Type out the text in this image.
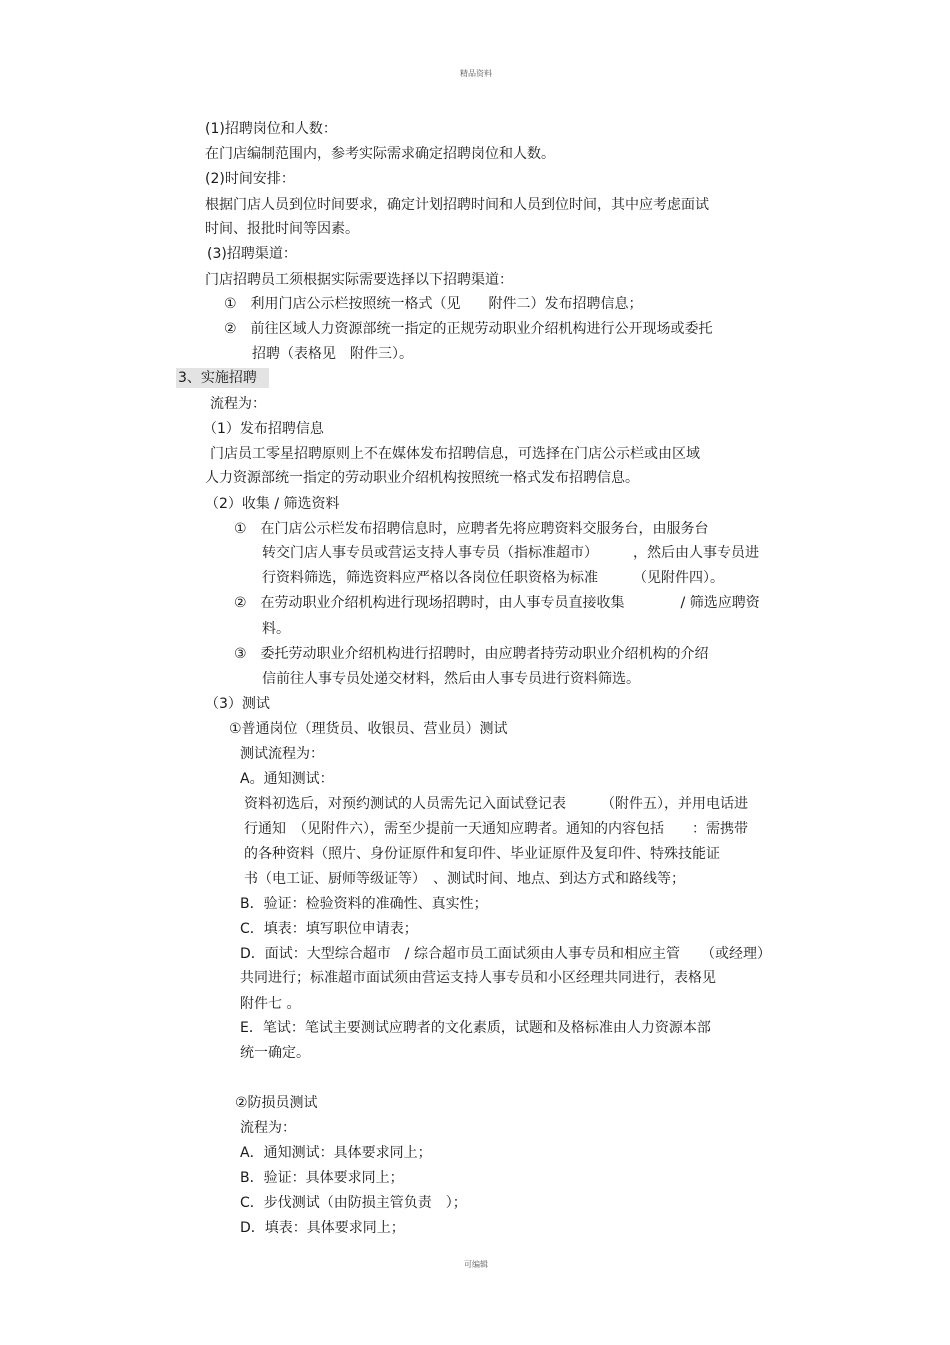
精品资料
(1)招聘岗位和人数：
在门店编制范围内，参考实际需求确定招聘岗位和人数。
(2)时间安排：
根据门店人员到位时间要求，确定计划招聘时间和人员到位时间，其中应考虑面试
时间、报批时间等因素。
(3)招聘渠道：
门店招聘员工须根据实际需要选择以下招聘渠道：
①　利用门店公示栏按照统一格式（见　　附件二）发布招聘信息；
②　前往区域人力资源部统一指定的正规劳动职业介绍机构进行公开现场或委托
招聘（表格见　附件三）。
3、实施招聘
流程为：
（1）发布招聘信息
门店员工零星招聘原则上不在媒体发布招聘信息，可选择在门店公示栏或由区域
人力资源部统一指定的劳动职业介绍机构按照统一格式发布招聘信息。
（2）收集 / 筛选资料
①　在门店公示栏发布招聘信息时，应聘者先将应聘资料交服务台，由服务台
转交门店人事专员或营运支持人事专员（指标准超市）　　　，然后由人事专员进
行资料筛选，筛选资料应严格以各岗位任职资格为标准　　　（见附件四）。
②　在劳动职业介绍机构进行现场招聘时，由人事专员直接收集　　　　/ 筛选应聘资
料。
③　委托劳动职业介绍机构进行招聘时，由应聘者持劳动职业介绍机构的介绍
信前往人事专员处递交材料，然后由人事专员进行资料筛选。
（3）测试
①普通岗位（理货员、收银员、营业员）测试
测试流程为：
A。通知测试：
资料初选后，对预约测试的人员需先记入面试登记表　　　（附件五），并用电话进
行通知　（见附件六），需至少提前一天通知应聘者。通知的内容包括　　：需携带
的各种资料（照片、身份证原件和复印件、毕业证原件及复印件、特殊技能证
书（电工证、厨师等级证等）　、测试时间、地点、到达方式和路线等；
B．验证：检验资料的准确性、真实性；
C．填表：填写职位申请表；
D．面试：大型综合超市　/ 综合超市员工面试须由人事专员和相应主管　　（或经理）
共同进行；标准超市面试须由营运支持人事专员和小区经理共同进行，表格见
附件七 。
E．笔试：笔试主要测试应聘者的文化素质，试题和及格标准由人力资源本部
统一确定。
②防损员测试
流程为：
A．通知测试：具体要求同上；
B．验证：具体要求同上；
C．步伐测试（由防损主管负责　）；
D．填表：具体要求同上；
可编辑
